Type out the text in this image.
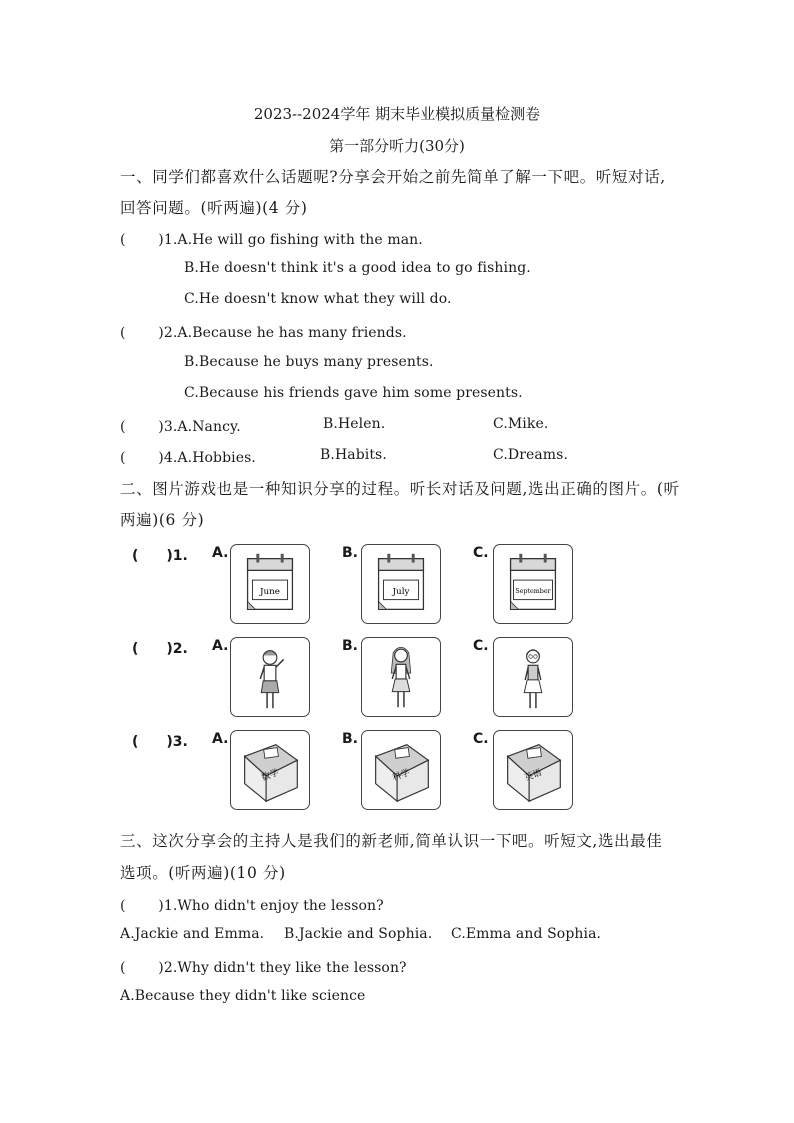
2023--2024学年 期末毕业模拟质量检测卷
第一部分听力(30分)
一、同学们都喜欢什么话题呢?分享会开始之前先简单了解一下吧。听短对话,
回答问题。(听两遍)(4 分)
(　　 )1.A.He will go fishing with the man.
B.He doesn't think it's a good idea to go fishing.
C.He doesn't know what they will do.
(　　 )2.A.Because he has many friends.
B.Because he buys many presents.
C.Because his friends gave him some presents.
(　　 )3.A.Nancy.	B.Helen.	C.Mike.
(　　 )4.A.Hobbies.	B.Habits.	C.Dreams.
二、图片游戏也是一种知识分享的过程。听长对话及问题,选出正确的图片。(听
两遍)(6 分)
(　　)1. A.	B.	C.
June	July	September
(　　)2. A.	B.	C.
(　　)3. A.	B.	C.
数学	科学	英语
三、这次分享会的主持人是我们的新老师,简单认识一下吧。听短文,选出最佳
选项。(听两遍)(10 分)
(　　 )1.Who didn't enjoy the lesson?
A.Jackie and Emma. B.Jackie and Sophia. C.Emma and Sophia.
(　　 )2.Why didn't they like the lesson?
A.Because they didn't like science
